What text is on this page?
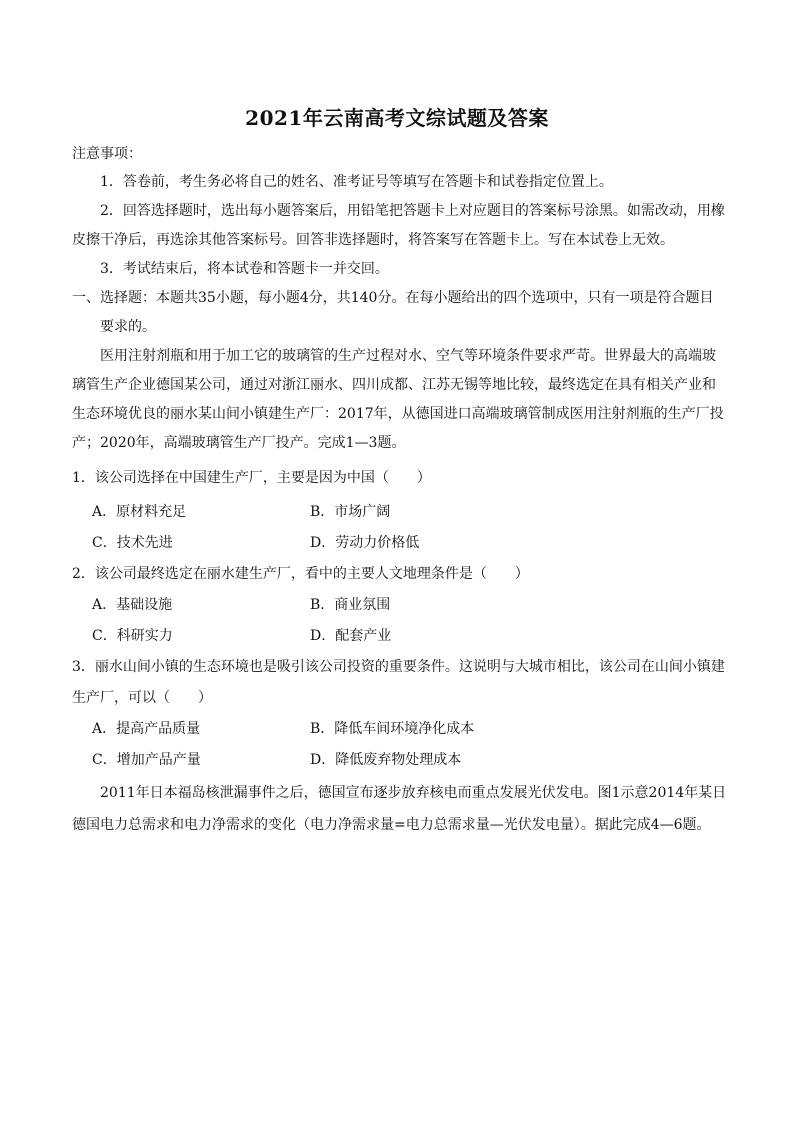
2021年云南高考文综试题及答案
注意事项：
1．答卷前，考生务必将自己的姓名、准考证号等填写在答题卡和试卷指定位置上。
2．回答选择题时，选出每小题答案后，用铅笔把答题卡上对应题目的答案标号涂黑。如需改动，用橡
皮擦干净后，再选涂其他答案标号。回答非选择题时，将答案写在答题卡上。写在本试卷上无效。
3．考试结束后，将本试卷和答题卡一并交回。
一、选择题：本题共35小题，每小题4分，共140分。在每小题给出的四个选项中，只有一项是符合题目
要求的。
医用注射剂瓶和用于加工它的玻璃管的生产过程对水、空气等环境条件要求严苛。世界最大的高端玻
璃管生产企业德国某公司，通过对浙江丽水、四川成都、江苏无锡等地比较，最终选定在具有相关产业和
生态环境优良的丽水某山间小镇建生产厂：2017年，从德国进口高端玻璃管制成医用注射剂瓶的生产厂投
产；2020年，高端玻璃管生产厂投产。完成1—3题。
1．该公司选择在中国建生产厂，主要是因为中国（　　）
A．原材料充足	B．市场广阔
C．技术先进	D．劳动力价格低
2．该公司最终选定在丽水建生产厂，看中的主要人文地理条件是（　　）
A．基础设施	B．商业氛围
C．科研实力	D．配套产业
3．丽水山间小镇的生态环境也是吸引该公司投资的重要条件。这说明与大城市相比，该公司在山间小镇建
生产厂，可以（　　）
A．提高产品质量	B．降低车间环境净化成本
C．增加产品产量	D．降低废弃物处理成本
2011年日本福岛核泄漏事件之后，德国宣布逐步放弃核电而重点发展光伏发电。图1示意2014年某日
德国电力总需求和电力净需求的变化（电力净需求量=电力总需求量—光伏发电量）。据此完成4—6题。
